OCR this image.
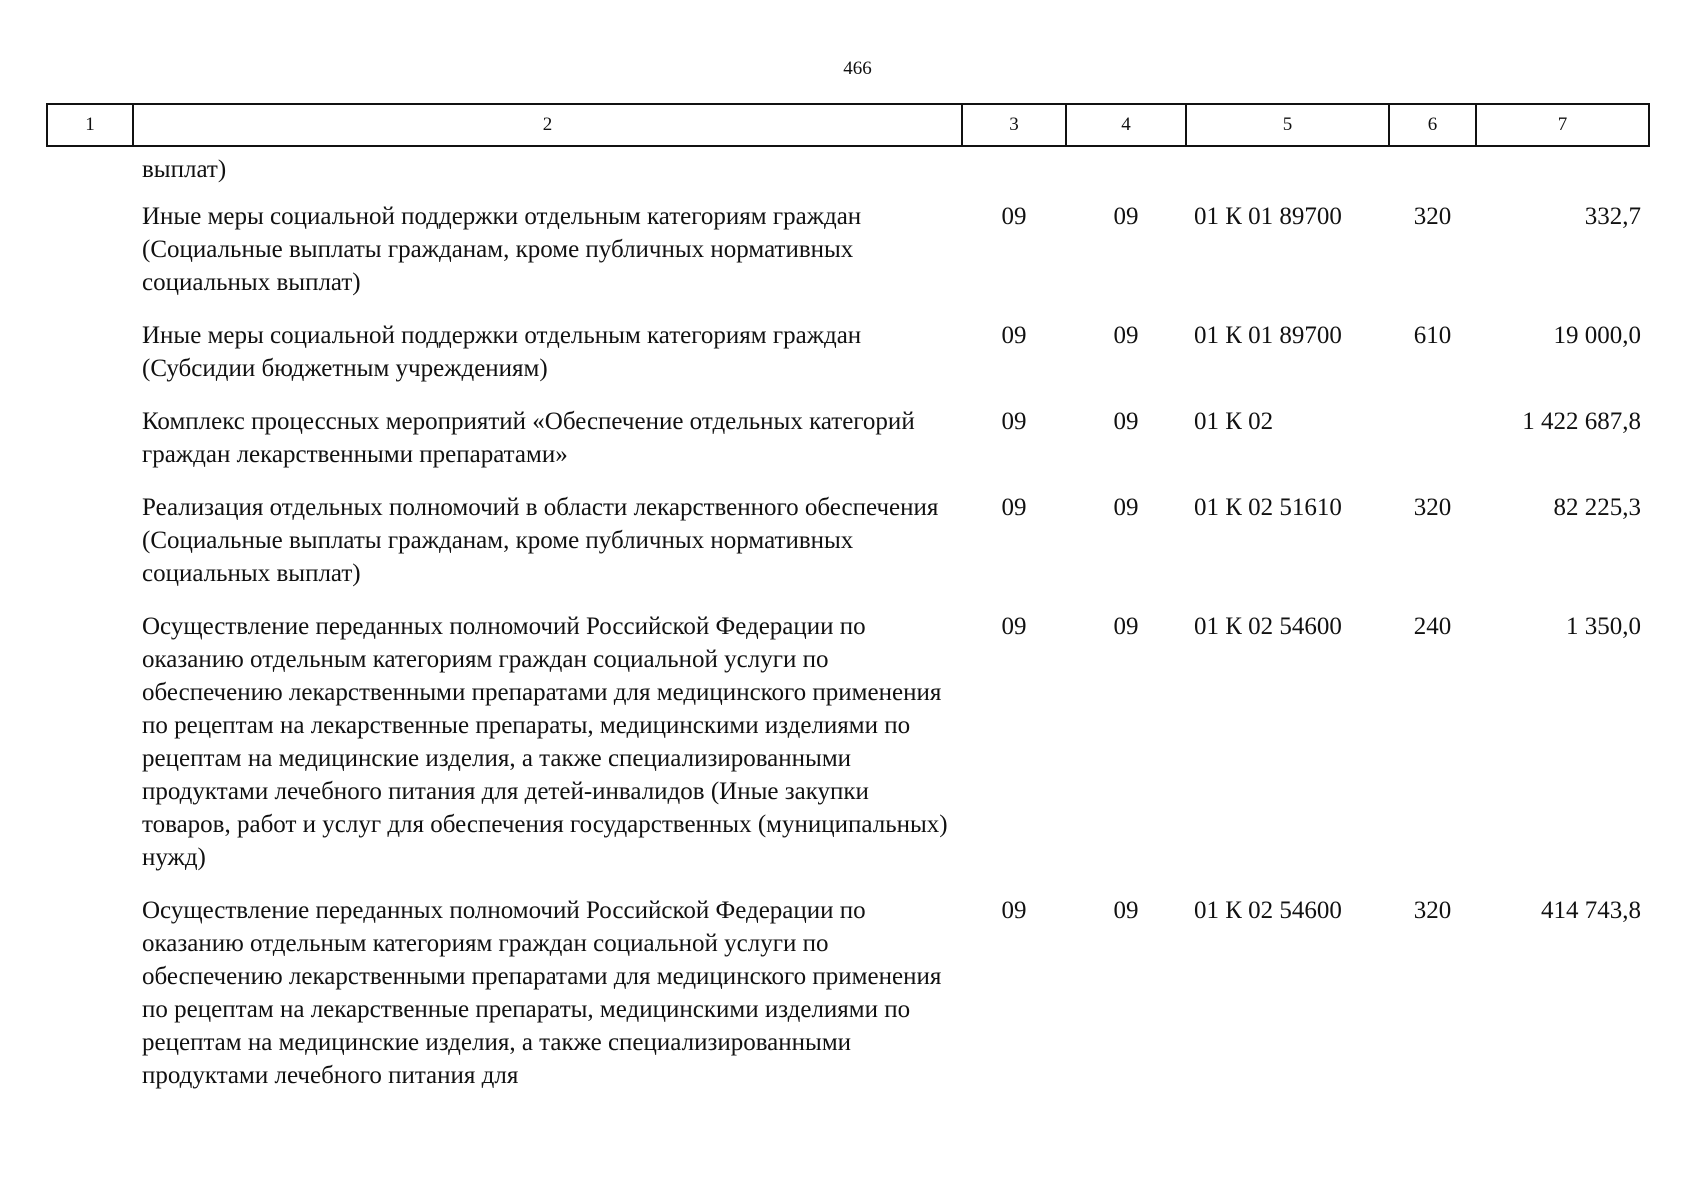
466
1	2	3	4	5	6	7
	выплат)					
	Иные меры социальной поддержки отдельным категориям граждан (Социальные выплаты гражданам, кроме публичных нормативных социальных выплат)	09	09	01 К 01 89700	320	332,7
	Иные меры социальной поддержки отдельным категориям граждан (Субсидии бюджетным учреждениям)	09	09	01 К 01 89700	610	19 000,0
	Комплекс процессных мероприятий «Обеспечение отдельных категорий граждан лекарственными препаратами»	09	09	01 К 02		1 422 687,8
	Реализация отдельных полномочий в области лекарственного обеспечения (Социальные выплаты гражданам, кроме публичных нормативных социальных выплат)	09	09	01 К 02 51610	320	82 225,3
	Осуществление переданных полномочий Российской Федерации по оказанию отдельным категориям граждан социальной услуги по обеспечению лекарственными препаратами для медицинского применения по рецептам на лекарственные препараты, медицинскими изделиями по рецептам на медицинские изделия, а также специализированными продуктами лечебного питания для детей-инвалидов (Иные закупки товаров, работ и услуг для обеспечения государственных (муниципальных) нужд)	09	09	01 К 02 54600	240	1 350,0
	Осуществление переданных полномочий Российской Федерации по оказанию отдельным категориям граждан социальной услуги по обеспечению лекарственными препаратами для медицинского применения по рецептам на лекарственные препараты, медицинскими изделиями по рецептам на медицинские изделия, а также специализированными продуктами лечебного питания для	09	09	01 К 02 54600	320	414 743,8
